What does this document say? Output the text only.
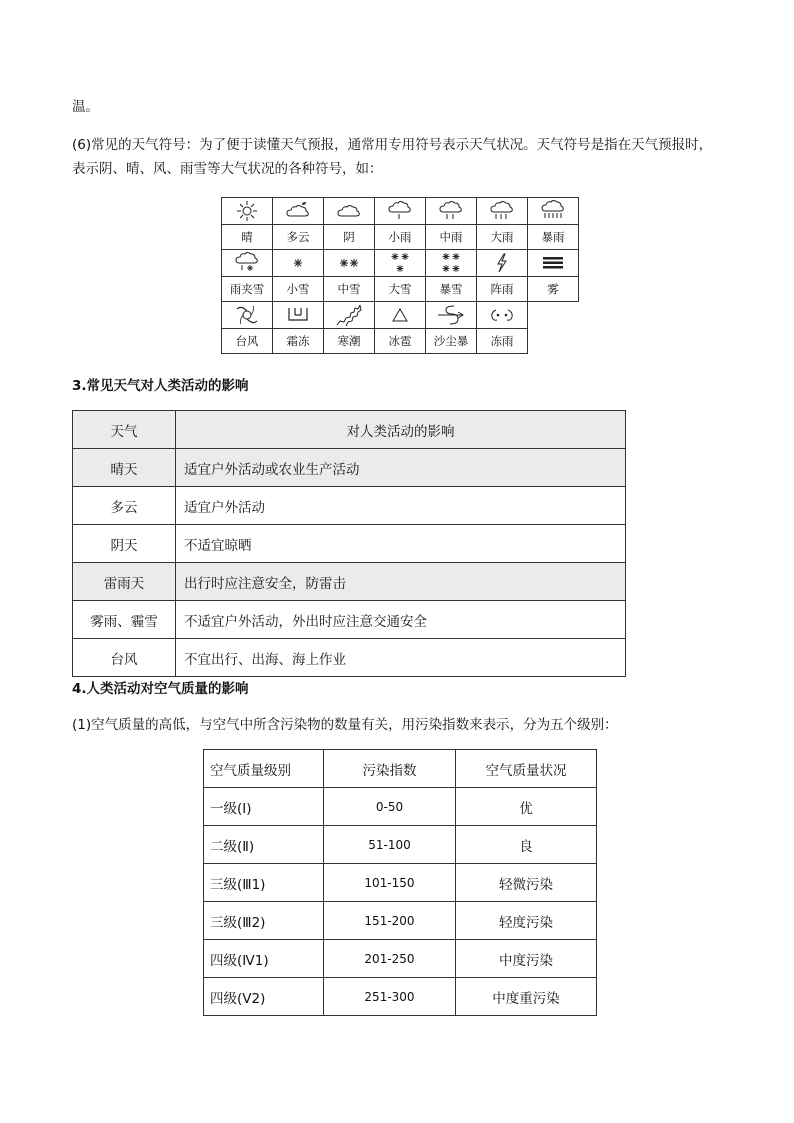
温。

(6)常见的天气符号：为了便于读懂天气预报，通常用专用符号表示天气状况。天气符号是指在天气预报时，

表示阴、晴、风、雨雪等大气状况的各种符号，如：

晴	多云	阴	小雨	中雨	大雨	暴雨

雨夹雪	小雪	中雪	大雪	暴雪	阵雨	雾

台风	霜冻	寒潮	冰雹	沙尘暴	冻雨	

3.常见天气对人类活动的影响

天气	对人类活动的影响
晴天	适宜户外活动或农业生产活动
多云	适宜户外活动
阴天	不适宜晾晒
雷雨天	出行时应注意安全，防雷击
雾雨、霾雪	不适宜户外活动，外出时应注意交通安全
台风	不宜出行、出海、海上作业

4.人类活动对空气质量的影响

(1)空气质量的高低，与空气中所含污染物的数量有关，用污染指数来表示，分为五个级别：

空气质量级别	污染指数	空气质量状况
一级(I)	0-50	优
二级(Ⅱ)	51-100	良
三级(Ⅲ1)	101-150	轻微污染
三级(Ⅲ2)	151-200	轻度污染
四级(Ⅳ1)	201-250	中度污染
四级(V2)	251-300	中度重污染
